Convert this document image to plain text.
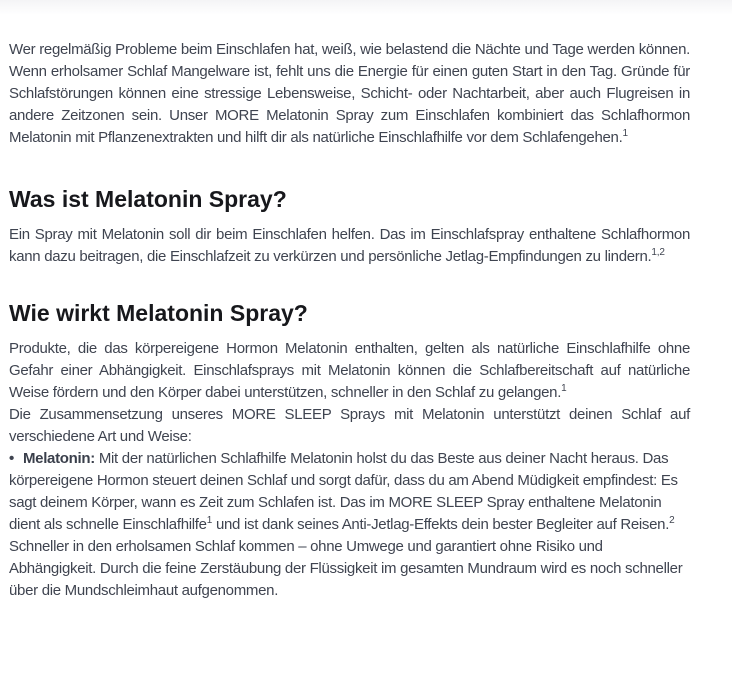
Wer regelmäßig Probleme beim Einschlafen hat, weiß, wie belastend die Nächte und Tage werden können. Wenn erholsamer Schlaf Mangelware ist, fehlt uns die Energie für einen guten Start in den Tag. Gründe für Schlafstörungen können eine stressige Lebensweise, Schicht- oder Nachtarbeit, aber auch Flugreisen in andere Zeitzonen sein. Unser MORE Melatonin Spray zum Einschlafen kombiniert das Schlafhormon Melatonin mit Pflanzenextrakten und hilft dir als natürliche Einschlafhilfe vor dem Schlafengehen.$^1$

Was ist Melatonin Spray?

Ein Spray mit Melatonin soll dir beim Einschlafen helfen. Das im Einschlafspray enthaltene Schlafhormon kann dazu beitragen, die Einschlafzeit zu verkürzen und persönliche Jetlag-Empfindungen zu lindern.$^{1,2}$

Wie wirkt Melatonin Spray?

Produkte, die das körpereigene Hormon Melatonin enthalten, gelten als natürliche Einschlafhilfe ohne Gefahr einer Abhängigkeit. Einschlafsprays mit Melatonin können die Schlafbereitschaft auf natürliche Weise fördern und den Körper dabei unterstützen, schneller in den Schlaf zu gelangen.$^1$

Die Zusammensetzung unseres MORE SLEEP Sprays mit Melatonin unterstützt deinen Schlaf auf verschiedene Art und Weise:

• Melatonin: Mit der natürlichen Schlafhilfe Melatonin holst du das Beste aus deiner Nacht heraus. Das körpereigene Hormon steuert deinen Schlaf und sorgt dafür, dass du am Abend Müdigkeit empfindest: Es sagt deinem Körper, wann es Zeit zum Schlafen ist. Das im MORE SLEEP Spray enthaltene Melatonin dient als schnelle Einschlafhilfe$^1$ und ist dank seines Anti-Jetlag-Effekts dein bester Begleiter auf Reisen.$^2$ Schneller in den erholsamen Schlaf kommen – ohne Umwege und garantiert ohne Risiko und Abhängigkeit. Durch die feine Zerstäubung der Flüssigkeit im gesamten Mundraum wird es noch schneller über die Mundschleimhaut aufgenommen.
